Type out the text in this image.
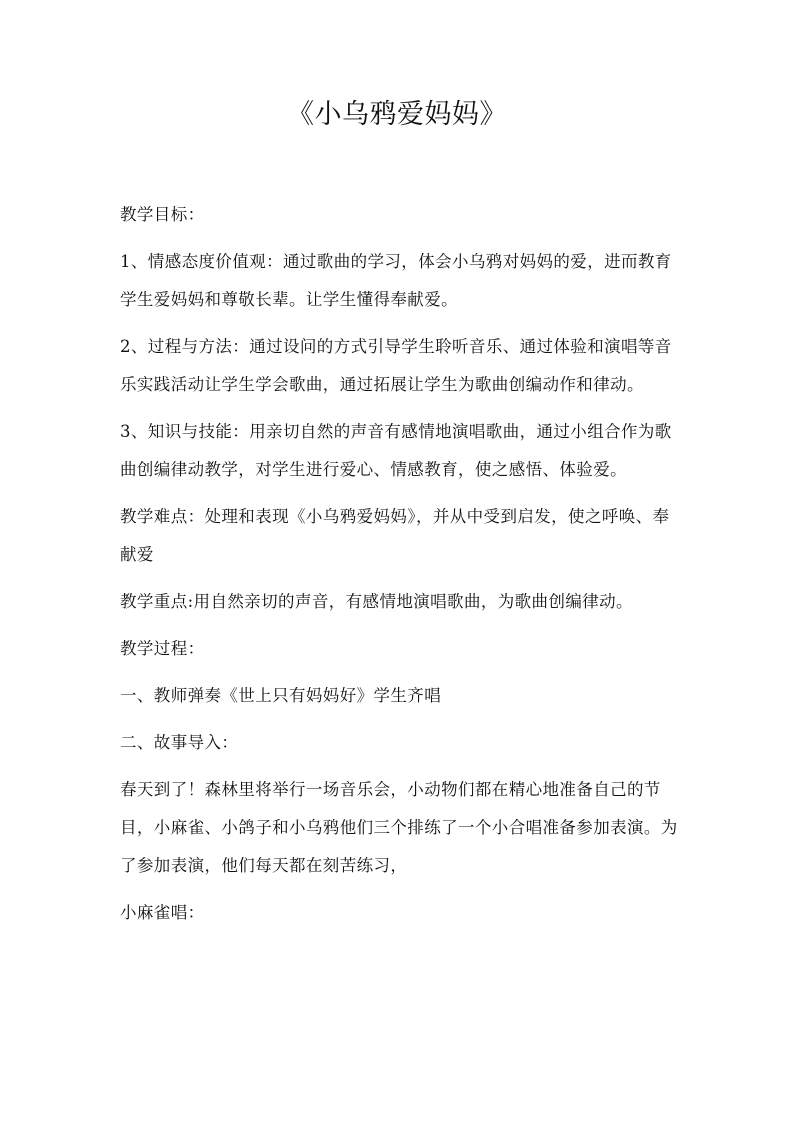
《小乌鸦爱妈妈》

教学目标：

1、情感态度价值观：通过歌曲的学习，体会小乌鸦对妈妈的爱，进而教育学生爱妈妈和尊敬长辈。让学生懂得奉献爱。

2、过程与方法：通过设问的方式引导学生聆听音乐、通过体验和演唱等音乐实践活动让学生学会歌曲，通过拓展让学生为歌曲创编动作和律动。

3、知识与技能：用亲切自然的声音有感情地演唱歌曲，通过小组合作为歌曲创编律动教学，对学生进行爱心、情感教育，使之感悟、体验爱。

教学难点：处理和表现《小乌鸦爱妈妈》，并从中受到启发，使之呼唤、奉献爱

教学重点:用自然亲切的声音，有感情地演唱歌曲，为歌曲创编律动。

教学过程：

一、教师弹奏《世上只有妈妈好》学生齐唱

二、故事导入：

春天到了！森林里将举行一场音乐会，小动物们都在精心地准备自己的节目，小麻雀、小鸽子和小乌鸦他们三个排练了一个小合唱准备参加表演。为了参加表演，他们每天都在刻苦练习，

小麻雀唱：
